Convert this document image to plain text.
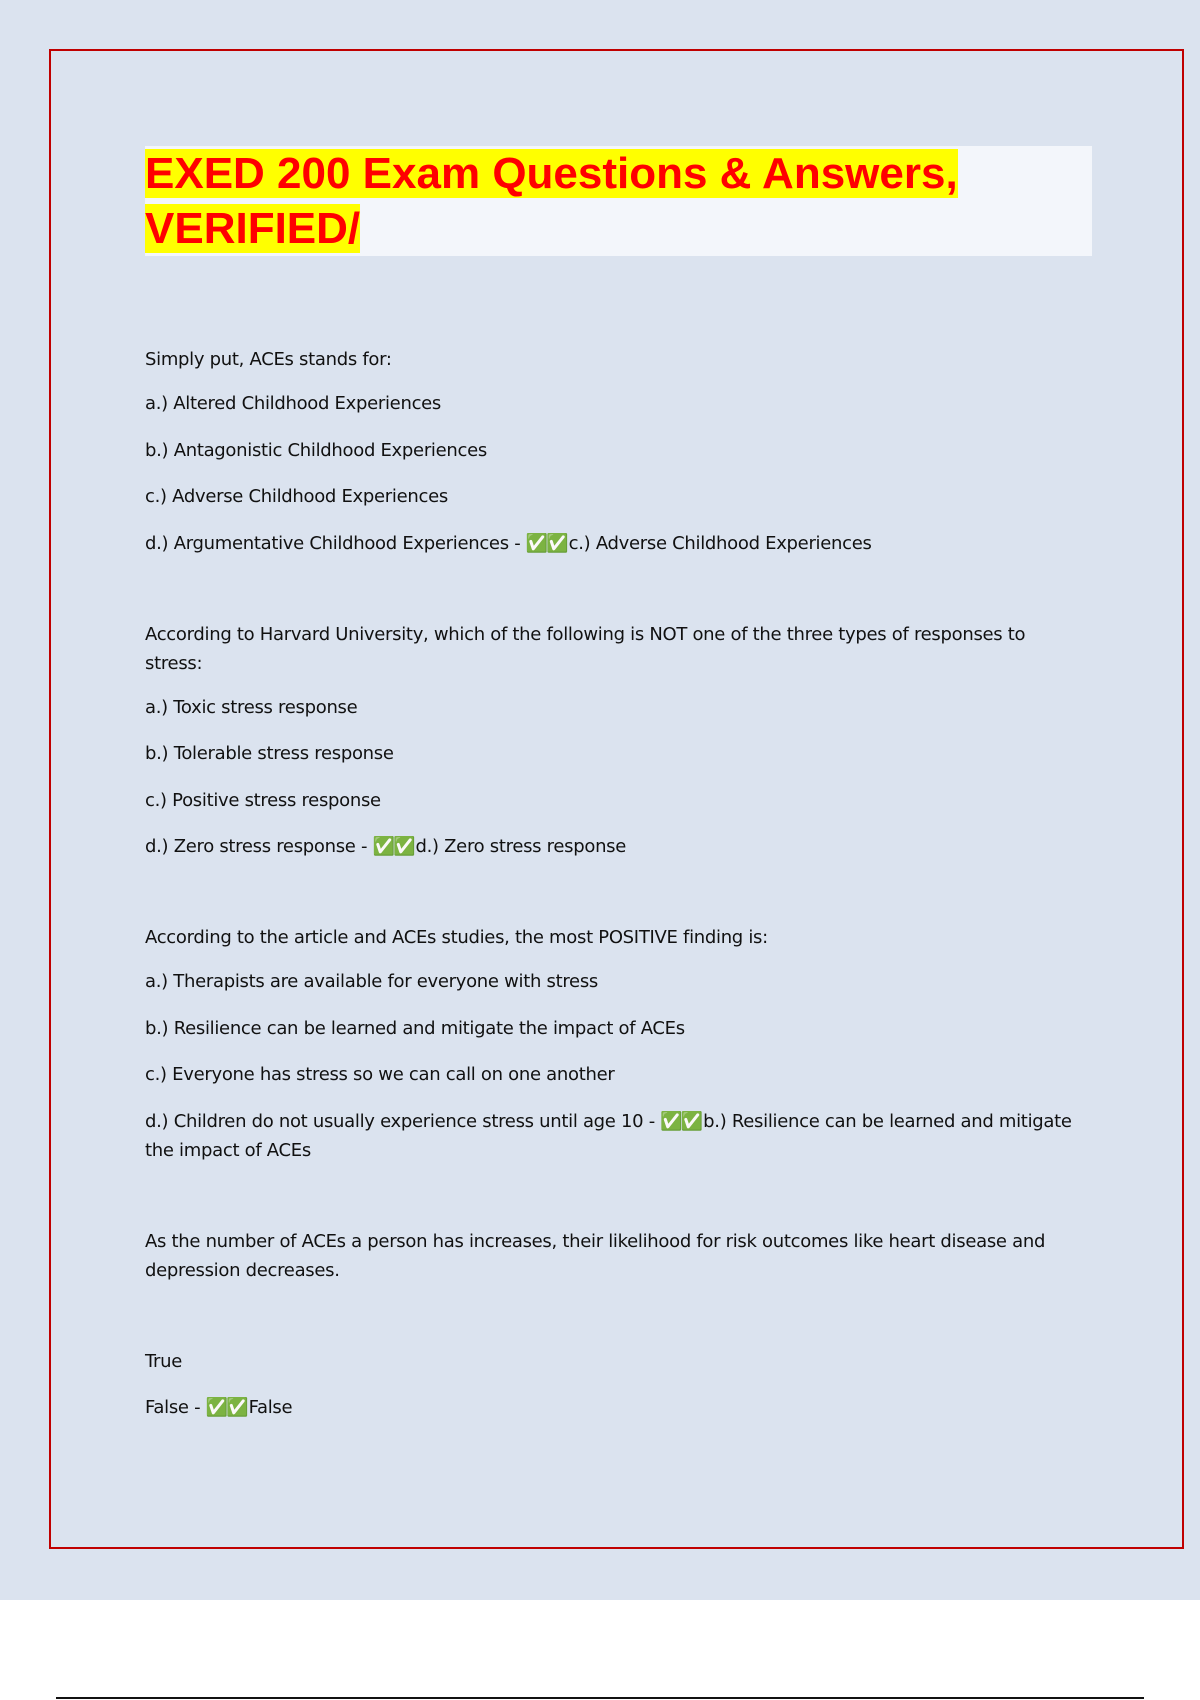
EXED 200 Exam Questions & Answers, VERIFIED/

Simply put, ACEs stands for:

a.) Altered Childhood Experiences

b.) Antagonistic Childhood Experiences

c.) Adverse Childhood Experiences

d.) Argumentative Childhood Experiences - ✅✅ c.) Adverse Childhood Experiences

According to Harvard University, which of the following is NOT one of the three types of responses to stress:

a.) Toxic stress response

b.) Tolerable stress response

c.) Positive stress response

d.) Zero stress response - ✅✅ d.) Zero stress response

According to the article and ACEs studies, the most POSITIVE finding is:

a.) Therapists are available for everyone with stress

b.) Resilience can be learned and mitigate the impact of ACEs

c.) Everyone has stress so we can call on one another

d.) Children do not usually experience stress until age 10 - ✅✅ b.) Resilience can be learned and mitigate the impact of ACEs

As the number of ACEs a person has increases, their likelihood for risk outcomes like heart disease and depression decreases.

True

False - ✅✅ False
